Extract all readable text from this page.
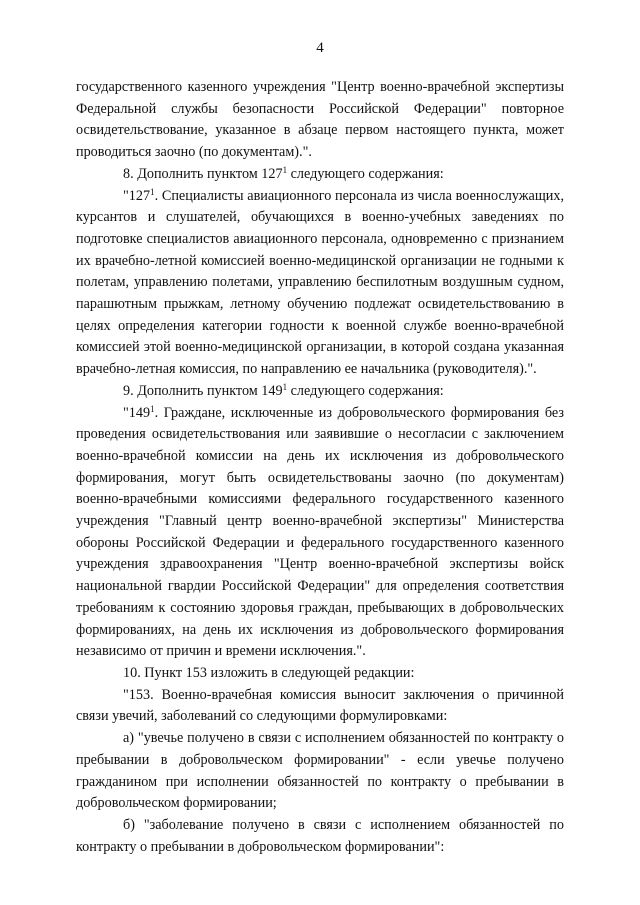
4

государственного казенного учреждения "Центр военно-врачебной экспертизы Федеральной службы безопасности Российской Федерации" повторное освидетельствование, указанное в абзаце первом настоящего пункта, может проводиться заочно (по документам).".

8. Дополнить пунктом $127^1$ следующего содержания:

"$127^1$. Специалисты авиационного персонала из числа военнослужащих, курсантов и слушателей, обучающихся в военно-учебных заведениях по подготовке специалистов авиационного персонала, одновременно с признанием их врачебно-летной комиссией военно-медицинской организации не годными к полетам, управлению полетами, управлению беспилотным воздушным судном, парашютным прыжкам, летному обучению подлежат освидетельствованию в целях определения категории годности к военной службе военно-врачебной комиссией этой военно-медицинской организации, в которой создана указанная врачебно-летная комиссия, по направлению ее начальника (руководителя).".

9. Дополнить пунктом $149^1$ следующего содержания:

"$149^1$. Граждане, исключенные из добровольческого формирования без проведения освидетельствования или заявившие о несогласии с заключением военно-врачебной комиссии на день их исключения из добровольческого формирования, могут быть освидетельствованы заочно (по документам) военно-врачебными комиссиями федерального государственного казенного учреждения "Главный центр военно-врачебной экспертизы" Министерства обороны Российской Федерации и федерального государственного казенного учреждения здравоохранения "Центр военно-врачебной экспертизы войск национальной гвардии Российской Федерации" для определения соответствия требованиям к состоянию здоровья граждан, пребывающих в добровольческих формированиях, на день их исключения из добровольческого формирования независимо от причин и времени исключения.".

10. Пункт 153 изложить в следующей редакции:

"153. Военно-врачебная комиссия выносит заключения о причинной связи увечий, заболеваний со следующими формулировками:

а) "увечье получено в связи с исполнением обязанностей по контракту о пребывании в добровольческом формировании" - если увечье получено гражданином при исполнении обязанностей по контракту о пребывании в добровольческом формировании;

б) "заболевание получено в связи с исполнением обязанностей по контракту о пребывании в добровольческом формировании":
